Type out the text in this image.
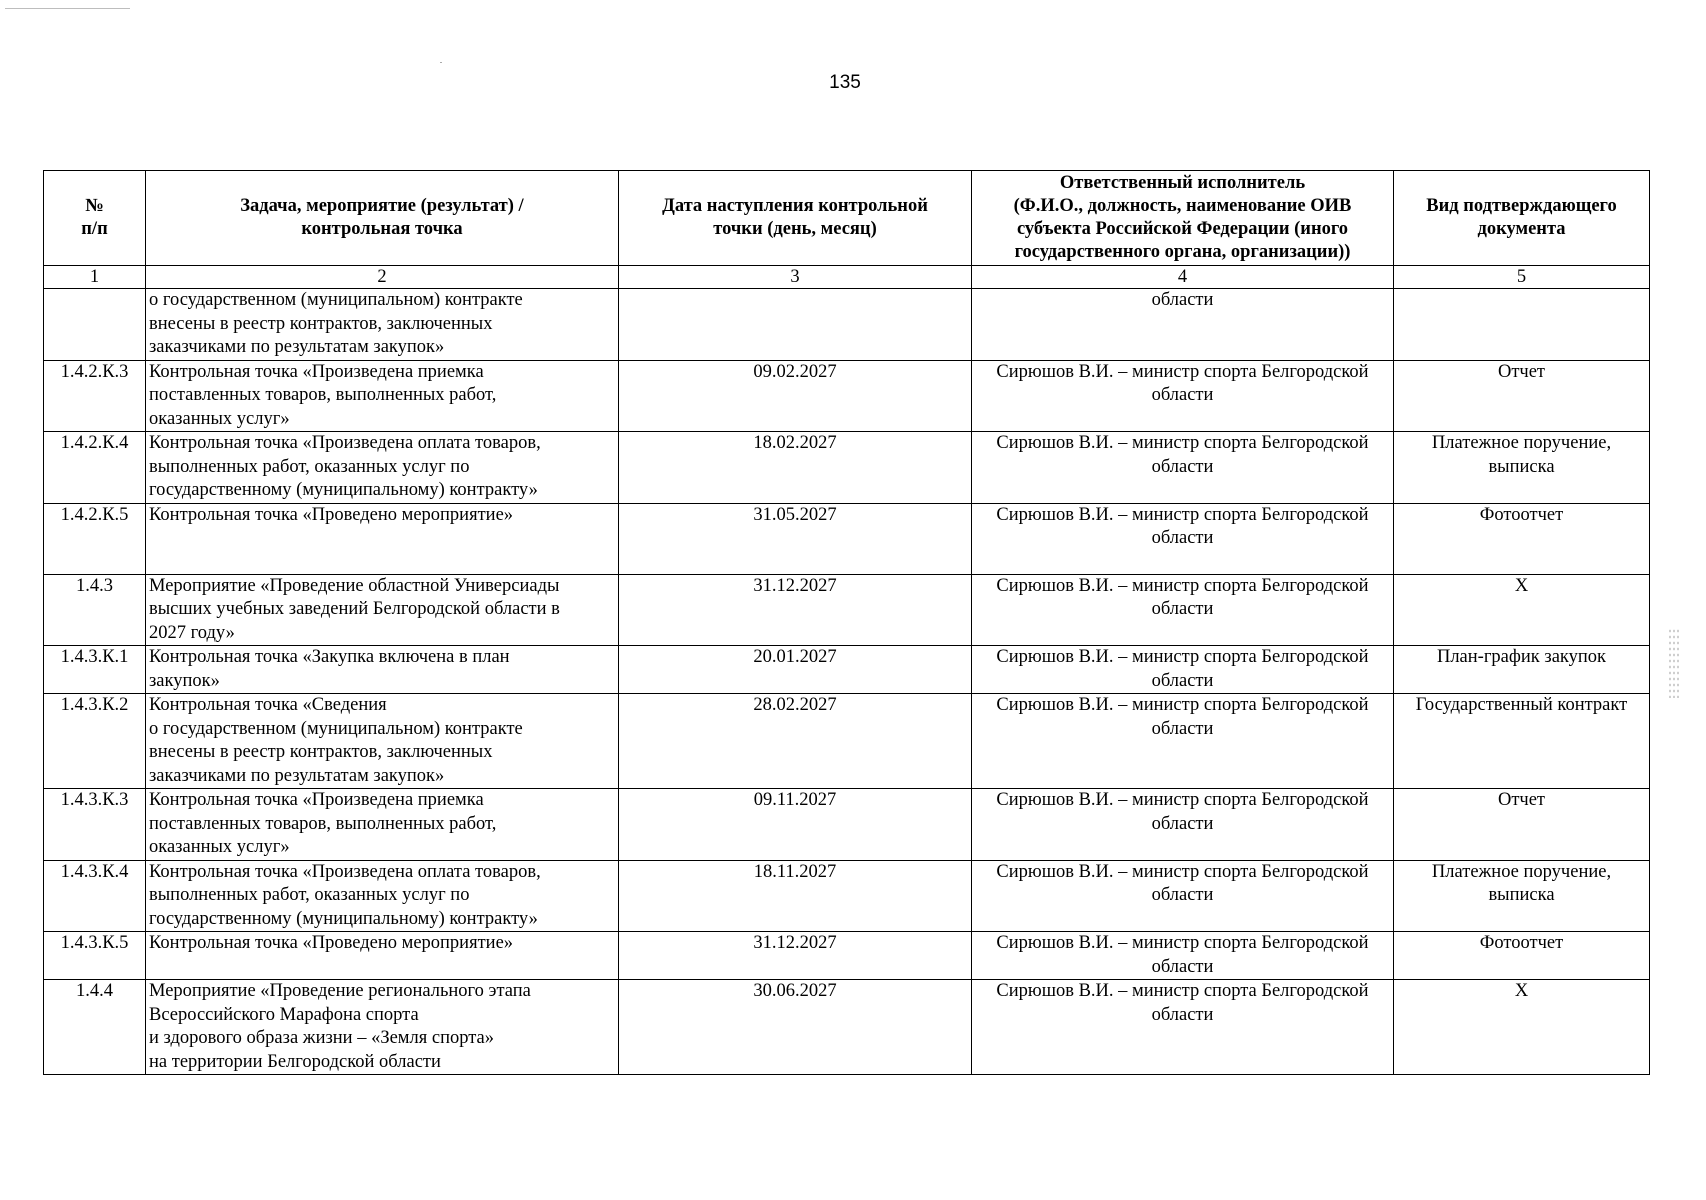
135
№
п/п	Задача, мероприятие (результат) /
контрольная точка	Дата наступления контрольной
точки (день, месяц)	Ответственный исполнитель
(Ф.И.О., должность, наименование ОИВ
субъекта Российской Федерации (иного
государственного органа, организации))	Вид подтверждающего
документа
1	2	3	4	5
	о государственном (муниципальном) контракте
внесены в реестр контрактов, заключенных
заказчиками по результатам закупок»		области	
1.4.2.К.3	Контрольная точка «Произведена приемка
поставленных товаров, выполненных работ,
оказанных услуг»	09.02.2027	Сирюшов В.И. – министр спорта Белгородской
области	Отчет
1.4.2.К.4	Контрольная точка «Произведена оплата товаров,
выполненных работ, оказанных услуг по
государственному (муниципальному) контракту»	18.02.2027	Сирюшов В.И. – министр спорта Белгородской
области	Платежное поручение,
выписка
1.4.2.К.5	Контрольная точка «Проведено мероприятие»	31.05.2027	Сирюшов В.И. – министр спорта Белгородской
области	Фотоотчет
1.4.3	Мероприятие «Проведение областной Универсиады
высших учебных заведений Белгородской области в
2027 году»	31.12.2027	Сирюшов В.И. – министр спорта Белгородской
области	Х
1.4.3.К.1	Контрольная точка «Закупка включена в план
закупок»	20.01.2027	Сирюшов В.И. – министр спорта Белгородской
области	План-график закупок
1.4.3.К.2	Контрольная точка «Сведения
о государственном (муниципальном) контракте
внесены в реестр контрактов, заключенных
заказчиками по результатам закупок»	28.02.2027	Сирюшов В.И. – министр спорта Белгородской
области	Государственный контракт
1.4.3.К.3	Контрольная точка «Произведена приемка
поставленных товаров, выполненных работ,
оказанных услуг»	09.11.2027	Сирюшов В.И. – министр спорта Белгородской
области	Отчет
1.4.3.К.4	Контрольная точка «Произведена оплата товаров,
выполненных работ, оказанных услуг по
государственному (муниципальному) контракту»	18.11.2027	Сирюшов В.И. – министр спорта Белгородской
области	Платежное поручение,
выписка
1.4.3.К.5	Контрольная точка «Проведено мероприятие»	31.12.2027	Сирюшов В.И. – министр спорта Белгородской
области	Фотоотчет
1.4.4	Мероприятие «Проведение регионального этапа
Всероссийского Марафона спорта
и здорового образа жизни – «Земля спорта»
на территории Белгородской области	30.06.2027	Сирюшов В.И. – министр спорта Белгородской
области	Х
